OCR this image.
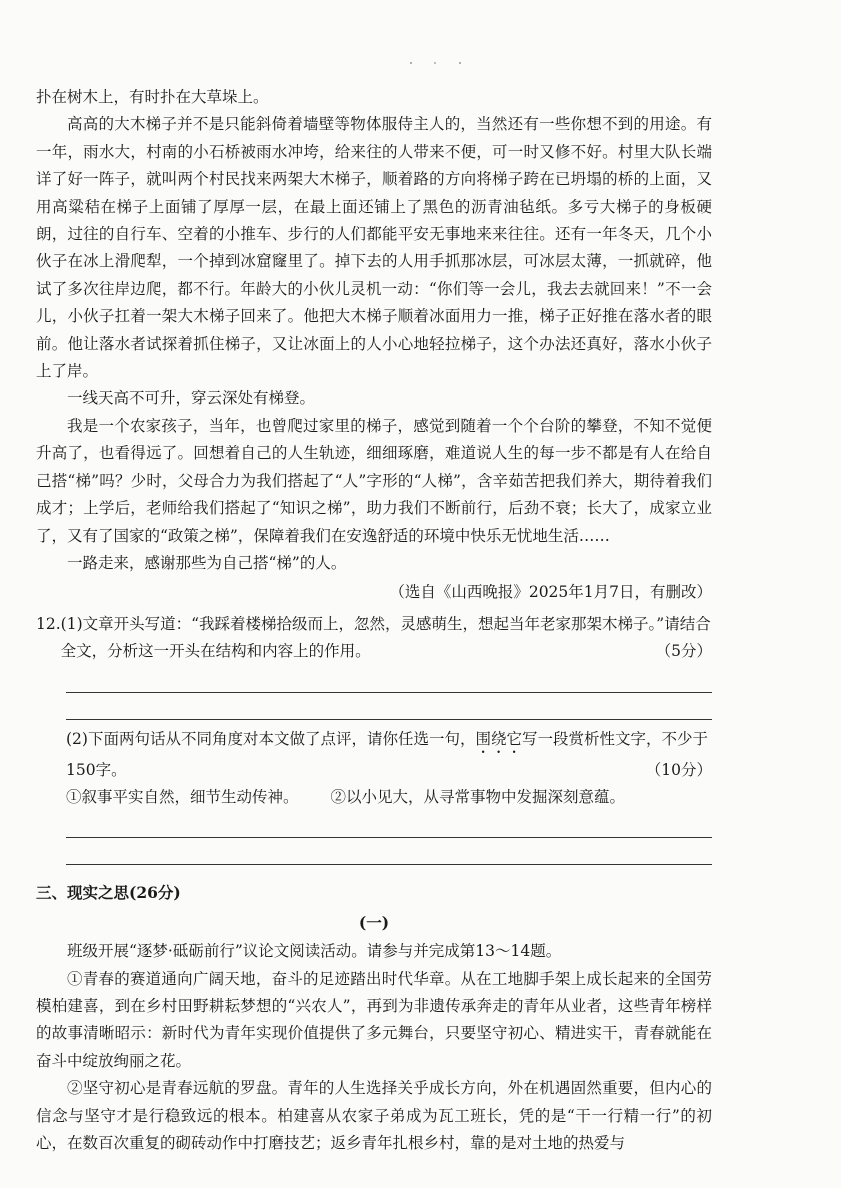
扑在树木上，有时扑在大草垛上。

高高的大木梯子并不是只能斜倚着墙壁等物体服侍主人的，当然还有一些你想不到的用途。有一年，雨水大，村南的小石桥被雨水冲垮，给来往的人带来不便，可一时又修不好。村里大队长端详了好一阵子，就叫两个村民找来两架大木梯子，顺着路的方向将梯子跨在已坍塌的桥的上面，又用高粱秸在梯子上面铺了厚厚一层，在最上面还铺上了黑色的沥青油毡纸。多亏大梯子的身板硬朗，过往的自行车、空着的小推车、步行的人们都能平安无事地来来往往。还有一年冬天，几个小伙子在冰上滑爬犁，一个掉到冰窟窿里了。掉下去的人用手抓那冰层，可冰层太薄，一抓就碎，他试了多次往岸边爬，都不行。年龄大的小伙儿灵机一动：“你们等一会儿，我去去就回来！”不一会儿，小伙子扛着一架大木梯子回来了。他把大木梯子顺着冰面用力一推，梯子正好推在落水者的眼前。他让落水者试探着抓住梯子，又让冰面上的人小心地轻拉梯子，这个办法还真好，落水小伙子上了岸。

一线天高不可升，穿云深处有梯登。

我是一个农家孩子，当年，也曾爬过家里的梯子，感觉到随着一个个台阶的攀登，不知不觉便升高了，也看得远了。回想着自己的人生轨迹，细细琢磨，难道说人生的每一步不都是有人在给自己搭“梯”吗？少时，父母合力为我们搭起了“人”字形的“人梯”，含辛茹苦把我们养大，期待着我们成才；上学后，老师给我们搭起了“知识之梯”，助力我们不断前行，后劲不衰；长大了，成家立业了，又有了国家的“政策之梯”，保障着我们在安逸舒适的环境中快乐无忧地生活……

一路走来，感谢那些为自己搭“梯”的人。

（选自《山西晚报》2025年1月7日，有删改）

12. (1)文章开头写道：“我踩着楼梯拾级而上，忽然，灵感萌生，想起当年老家那架木梯子。”请结合全文，分析这一开头在结构和内容上的作用。	（5分）
(2)下面两句话从不同角度对本文做了点评，请你任选一句，围绕它写一段赏析性文字，不少于150字。	（10分）
①叙事平实自然，细节生动传神。 ②以小见大，从寻常事物中发掘深刻意蕴。

三、现实之思(26分)

(一)

班级开展“逐梦·砥砺前行”议论文阅读活动。请参与并完成第13～14题。

①青春的赛道通向广阔天地，奋斗的足迹踏出时代华章。从在工地脚手架上成长起来的全国劳模柏建喜，到在乡村田野耕耘梦想的“兴农人”，再到为非遗传承奔走的青年从业者，这些青年榜样的故事清晰昭示：新时代为青年实现价值提供了多元舞台，只要坚守初心、精进实干，青春就能在奋斗中绽放绚丽之花。

②坚守初心是青春远航的罗盘。青年的人生选择关乎成长方向，外在机遇固然重要，但内心的信念与坚守才是行稳致远的根本。柏建喜从农家子弟成为瓦工班长，凭的是“干一行精一行”的初心，在数百次重复的砌砖动作中打磨技艺；返乡青年扎根乡村，靠的是对土地的热爱与
